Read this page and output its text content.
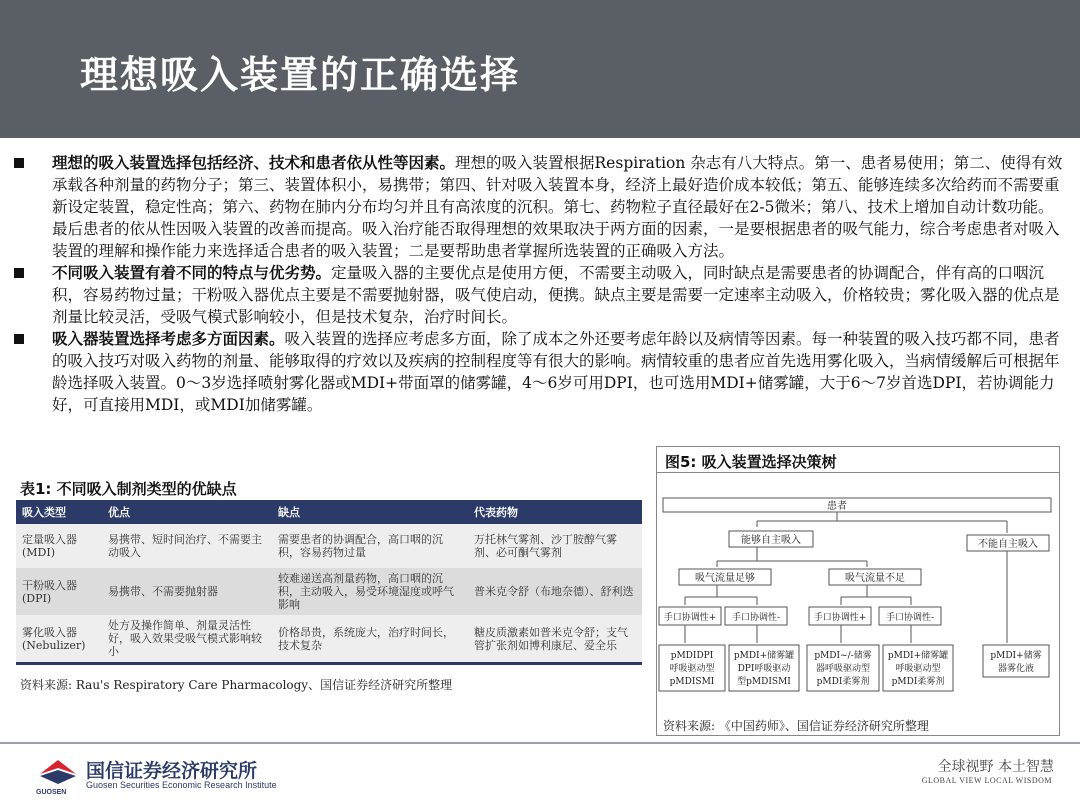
理想吸入装置的正确选择
理想的吸入装置选择包括经济、技术和患者依从性等因素。理想的吸入装置根据Respiration 杂志有八大特点。第一、患者易使用；第二、使得有效承载各种剂量的药物分子；第三、装置体积小，易携带；第四、针对吸入装置本身，经济上最好造价成本较低；第五、能够连续多次给药而不需要重新设定装置，稳定性高；第六、药物在肺内分布均匀并且有高浓度的沉积。第七、药物粒子直径最好在2-5微米；第八、技术上增加自动计数功能。最后患者的依从性因吸入装置的改善而提高。吸入治疗能否取得理想的效果取决于两方面的因素，一是要根据患者的吸气能力，综合考虑患者对吸入装置的理解和操作能力来选择适合患者的吸入装置；二是要帮助患者掌握所选装置的正确吸入方法。
不同吸入装置有着不同的特点与优劣势。定量吸入器的主要优点是使用方便，不需要主动吸入，同时缺点是需要患者的协调配合，伴有高的口咽沉积，容易药物过量；干粉吸入器优点主要是不需要抛射器，吸气使启动，便携。缺点主要是需要一定速率主动吸入，价格较贵；雾化吸入器的优点是剂量比较灵活，受吸气模式影响较小，但是技术复杂，治疗时间长。
吸入器装置选择考虑多方面因素。吸入装置的选择应考虑多方面，除了成本之外还要考虑年龄以及病情等因素。每一种装置的吸入技巧都不同，患者的吸入技巧对吸入药物的剂量、能够取得的疗效以及疾病的控制程度等有很大的影响。病情较重的患者应首先选用雾化吸入，当病情缓解后可根据年龄选择吸入装置。0～3岁选择喷射雾化器或MDI+带面罩的储雾罐，4～6岁可用DPI，也可选用MDI+储雾罐，大于6～7岁首选DPI，若协调能力好，可直接用MDI，或MDI加储雾罐。
表1: 不同吸入制剂类型的优缺点
吸入类型	优点	缺点	代表药物
定量吸入器(MDI)	易携带、短时间治疗、不需要主动吸入	需要患者的协调配合，高口咽的沉积，容易药物过量	万托林气雾剂、沙丁胺醇气雾剂、必可酮气雾剂
干粉吸入器(DPI)	易携带、不需要抛射器	较难递送高剂量药物，高口咽的沉积，主动吸入，易受环境湿度或呼气影响	普米克令舒（布地奈德）、舒利迭
雾化吸入器(Nebulizer)	处方及操作简单、剂量灵活性好，吸入效果受吸气模式影响较小	价格昂贵，系统庞大，治疗时间长，技术复杂	糖皮质激素如普米克令舒；支气管扩张剂如博利康尼、爱全乐
资料来源: Rau's Respiratory Care Pharmacology、国信证券经济研究所整理
图5: 吸入装置选择决策树
患者
能够自主吸入	不能自主吸入
吸气流量足够	吸气流量不足
手口协调性+ 手口协调性-	手口协调性+ 手口协调性-
pMDIDPI
呼吸驱动型
pMDISMI
pMDI+储雾罐
DPI呼吸驱动
型pMDISMI
pMDI~/-储雾
器呼吸驱动型
pMDI柔雾剂
pMDI+储雾罐
呼吸驱动型
pMDI柔雾剂
pMDI+储雾
器雾化液
资料来源: 《中国药师》、国信证券经济研究所整理
GUOSEN
国信证券经济研究所
Guosen Securities Economic Research Institute
全球视野 本土智慧
GLOBAL VIEW LOCAL WISDOM
